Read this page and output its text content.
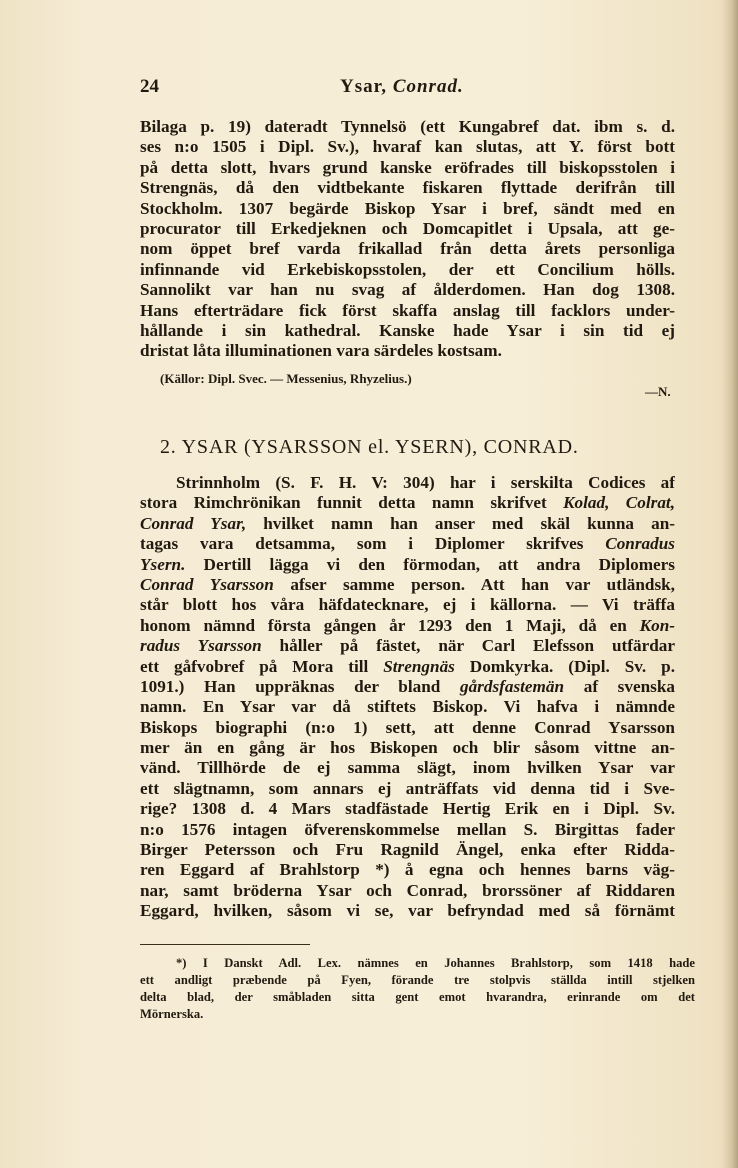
24	Ysar, Conrad.
Bilaga p. 19) dateradt Tynnelsö (ett Kungabref dat. ibm s. d.
ses n:o 1505 i Dipl. Sv.), hvaraf kan slutas, att Y. först bott
på detta slott, hvars grund kanske eröfrades till biskopsstolen i
Strengnäs, då den vidtbekante fiskaren flyttade derifrån till
Stockholm. 1307 begärde Biskop Ysar i bref, sändt med en
procurator till Erkedjeknen och Domcapitlet i Upsala, att ge-
nom öppet bref varda frikallad från detta årets personliga
infinnande vid Erkebiskopsstolen, der ett Concilium hölls.
Sannolikt var han nu svag af ålderdomen. Han dog 1308.
Hans efterträdare fick först skaffa anslag till facklors under-
hållande i sin kathedral. Kanske hade Ysar i sin tid ej
dristat låta illuminationen vara särdeles kostsam.
(Källor: Dipl. Svec. — Messenius, Rhyzelius.)
—N.
2. YSAR (YSARSSON el. YSERN), CONRAD.
Strinnholm (S. F. H. V: 304) har i serskilta Codices af
stora Rimchrönikan funnit detta namn skrifvet Kolad, Colrat,
Conrad Ysar, hvilket namn han anser med skäl kunna an-
tagas vara detsamma, som i Diplomer skrifves Conradus
Ysern. Dertill lägga vi den förmodan, att andra Diplomers
Conrad Ysarsson afser samme person. Att han var utländsk,
står blott hos våra häfdatecknare, ej i källorna. — Vi träffa
honom nämnd första gången år 1293 den 1 Maji, då en Kon-
radus Ysarsson håller på fästet, när Carl Elefsson utfärdar
ett gåfvobref på Mora till Strengnäs Domkyrka. (Dipl. Sv. p.
1091.) Han uppräknas der bland gårdsfastemän af svenska
namn. En Ysar var då stiftets Biskop. Vi hafva i nämnde
Biskops biographi (n:o 1) sett, att denne Conrad Ysarsson
mer än en gång är hos Biskopen och blir såsom vittne an-
vänd. Tillhörde de ej samma slägt, inom hvilken Ysar var
ett slägtnamn, som annars ej anträffats vid denna tid i Sve-
rige? 1308 d. 4 Mars stadfästade Hertig Erik en i Dipl. Sv.
n:o 1576 intagen öfverenskommelse mellan S. Birgittas fader
Birger Petersson och Fru Ragnild Ängel, enka efter Ridda-
ren Eggard af Brahlstorp *) å egna och hennes barns väg-
nar, samt bröderna Ysar och Conrad, brorssöner af Riddaren
Eggard, hvilken, såsom vi se, var befryndad med så förnämt
*) I Danskt Adl. Lex. nämnes en Johannes Brahlstorp, som 1418 hade
ett andligt præbende på Fyen, förande tre stolpvis ställda intill stjelken
delta blad, der småbladen sitta gent emot hvarandra, erinrande om det
Mörnerska.
